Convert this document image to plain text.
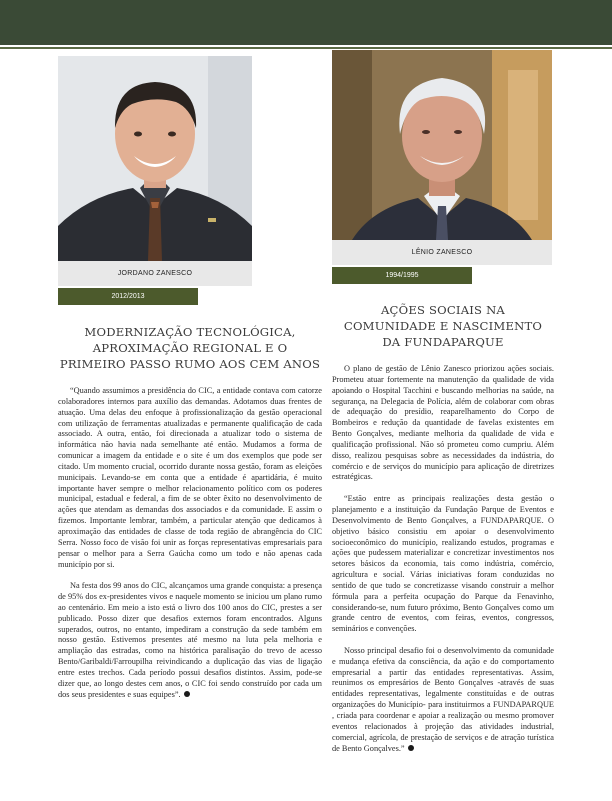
JORDANO ZANESCO
2012/2013
MODERNIZAÇÃO TECNOLÓGICA,
APROXIMAÇÃO REGIONAL E O
PRIMEIRO PASSO RUMO AOS CEM ANOS

“Quando assumimos a presidência do CIC, a entidade contava com catorze colaboradores internos para auxílio das demandas. Adotamos duas frentes de atuação. Uma delas deu enfoque à profissionalização da gestão operacional com utilização de ferramentas atualizadas e permanente qualificação de cada associado. A outra, então, foi direcionada a atualizar todo o sistema de informática não havia nada semelhante até então. Mudamos a forma de comunicar a imagem da entidade e o site é um dos exemplos que pode ser citado. Um momento crucial, ocorrido durante nossa gestão, foram as eleições municipais. Levando-se em conta que a entidade é apartidária, é muito importante haver sempre o melhor relacionamento político com os poderes municipal, estadual e federal, a fim de se obter êxito no desenvolvimento de ações que atendam as demandas dos associados e da comunidade. E assim o fizemos. Importante lembrar, também, a particular atenção que dedicamos à aproximação das entidades de classe de toda região de abrangência do CIC Serra. Nosso foco de visão foi unir as forças representativas empresariais para pensar o melhor para a Serra Gaúcha como um todo e não apenas cada município por si.

Na festa dos 99 anos do CIC, alcançamos uma grande conquista: a presença de 95% dos ex-presidentes vivos e naquele momento se iniciou um plano rumo ao centenário. Em meio a isto está o livro dos 100 anos do CIC, prestes a ser publicado. Posso dizer que desafios externos foram encontrados. Alguns superados, outros, no entanto, impediram a construção da sede também em nosso gestão. Estivemos presentes até mesmo na luta pela melhoria e ampliação das estradas, como na histórica paralisação do trevo de acesso Bento/Garibaldi/Farroupilha reivindicando a duplicação das vias de ligação entre estes trechos. Cada período possui desafios distintos. Assim, pode-se dizer que, ao longo destes cem anos, o CIC foi sendo construído por cada um dos seus presidentes e suas equipes”.

LÊNIO ZANESCO
1994/1995
AÇÕES SOCIAIS NA
COMUNIDADE E NASCIMENTO
DA FUNDAPARQUE

O plano de gestão de Lênio Zanesco priorizou ações sociais. Prometeu atuar fortemente na manutenção da qualidade de vida apoiando o Hospital Tacchini e buscando melhorias na saúde, na segurança, na Delegacia de Polícia, além de colaborar com obras de adequação do presídio, reaparelhamento do Corpo de Bombeiros e redução da quantidade de favelas existentes em Bento Gonçalves, mediante melhoria da qualidade de vida e qualificação profissional. Não só prometeu como cumpriu. Além disso, realizou pesquisas sobre as necessidades da indústria, do comércio e de serviços do município para aplicação de diretrizes estratégicas.

“Estão entre as principais realizações desta gestão o planejamento e a instituição da Fundação Parque de Eventos e Desenvolvimento de Bento Gonçalves, a FUNDAPARQUE. O objetivo básico consistiu em apoiar o desenvolvimento socioeconômico do município, realizando estudos, programas e ações que pudessem materializar e concretizar investimentos nos setores básicos da economia, tais como indústria, comércio, agricultura e social. Várias iniciativas foram conduzidas no sentido de que tudo se concretizasse visando construir a melhor fórmula para a perfeita ocupação do Parque da Fenavinho, considerando-se, num futuro próximo, Bento Gonçalves como um grande centro de eventos, com feiras, eventos, congressos, seminários e convenções.

Nosso principal desafio foi o desenvolvimento da comunidade e mudança efetiva da consciência, da ação e do comportamento empresarial a partir das entidades representativas. Assim, reunimos os empresários de Bento Gonçalves -através de suas entidades representativas, legalmente constituídas e de outras organizações do Município- para instituirmos a FUNDAPARQUE , criada para coordenar e apoiar a realização ou mesmo promover eventos relacionados à projeção das atividades industrial, comercial, agrícola, de prestação de serviços e de atração turística de Bento Gonçalves.”
